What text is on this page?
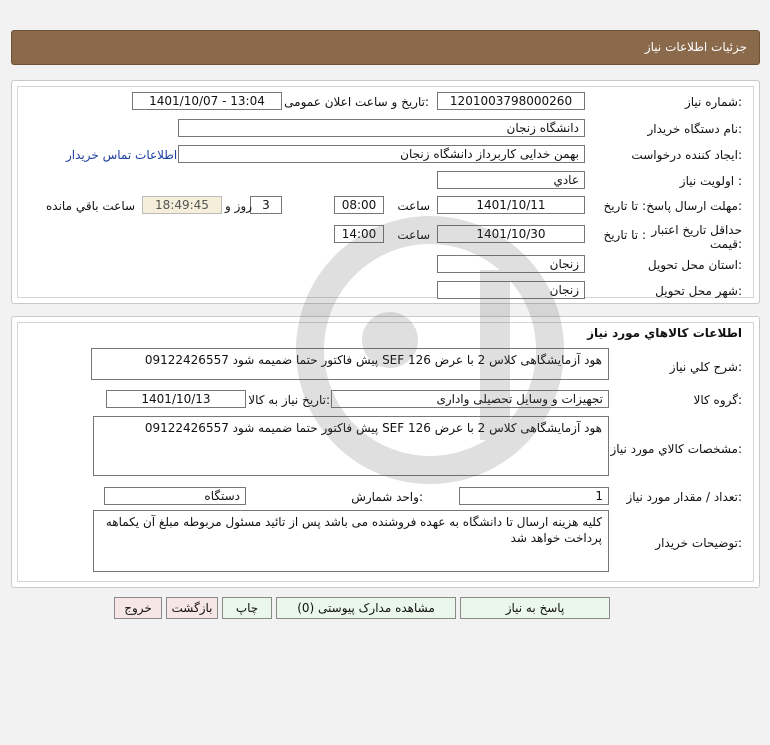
جزئیات اطلاعات نیاز
شماره نیاز:
1201003798000260
تاریخ و ساعت اعلان عمومی:
1401/10/07 - 13:04
نام دستگاه خریدار:
دانشگاه زنجان
ایجاد کننده درخواست:
بهمن خدایی کاربرداز دانشگاه زنجان
اطلاعات تماس خریدار
اولویت نیاز :
عادي
مهلت ارسال پاسخ:
تا تاریخ :
1401/10/11
ساعت
08:00
3
روز و
18:49:45
ساعت باقي مانده
حداقل تاریخ اعتبار
قیمت:
تا تاریخ :
1401/10/30
ساعت
14:00
استان محل تحویل:
زنجان
شهر محل تحویل:
زنجان
اطلاعات کالاهاي مورد نياز
شرح کلي نياز:
هود آزمایشگاهی کلاس 2 با عرض 126 SEF پیش فاکتور حتما ضمیمه شود 09122426557
گروه کالا:
تجهیزات و وسایل تحصیلی واداری
تاریخ نیاز به کالا:
1401/10/13
مشخصات کالاي مورد نياز:
هود آزمایشگاهی کلاس 2 با عرض 126 SEF پیش فاکتور حتما ضمیمه شود 09122426557
تعداد / مقدار مورد نیاز:
1
واحد شمارش:
دستگاه
توضیحات خریدار:
کلیه هزینه ارسال تا دانشگاه به عهده فروشنده می باشد پس از تائید مسئول مربوطه مبلغ آن یکماهه پرداخت خواهد شد
پاسخ به نیاز
مشاهده مدارک پیوستی (0)
چاپ
بازگشت
خروج
